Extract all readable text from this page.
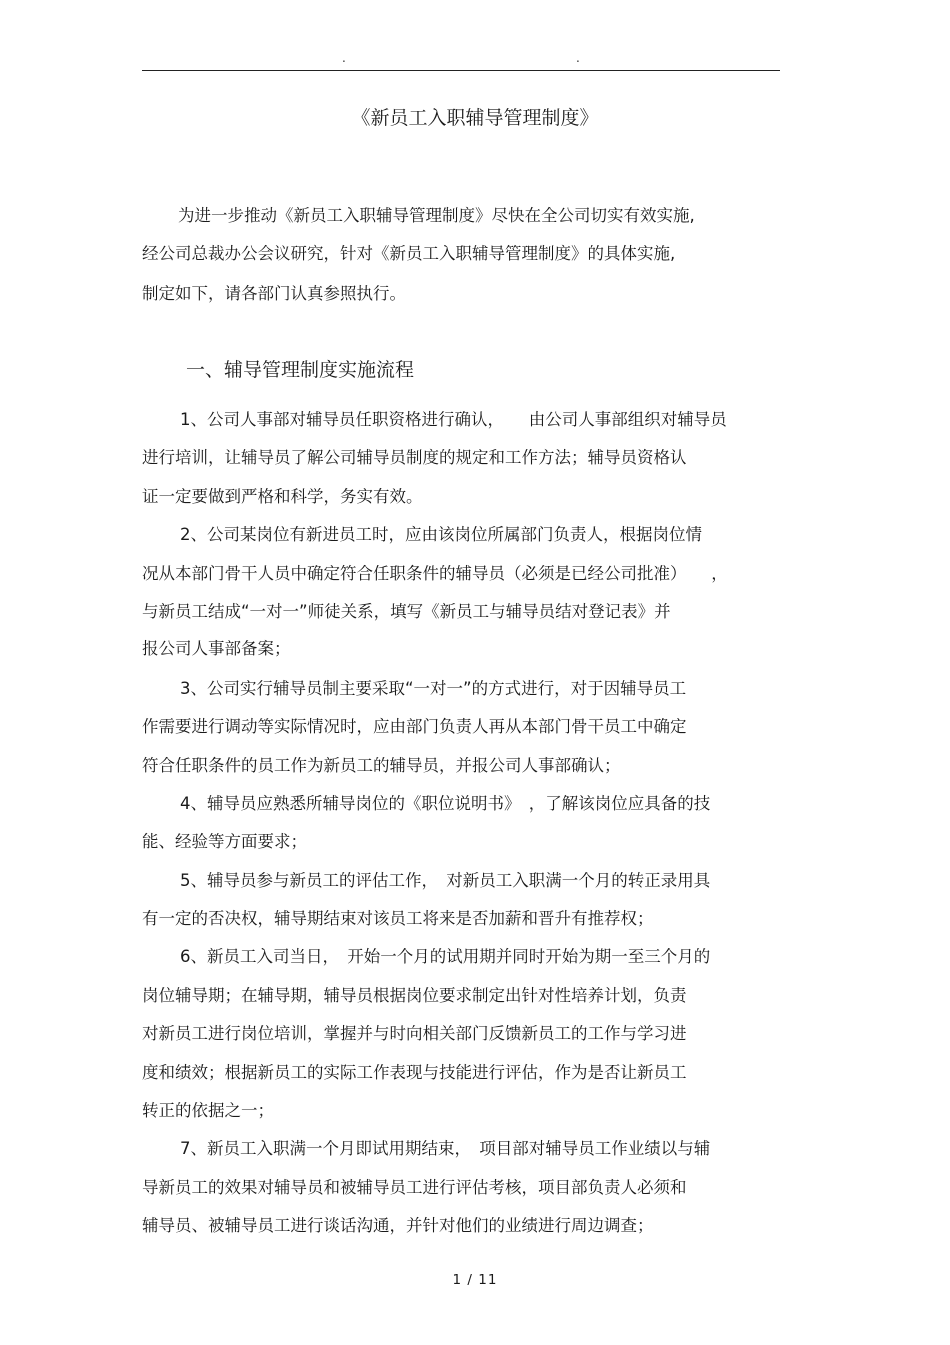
.	.
《新员工入职辅导管理制度》
为进一步推动《新员工入职辅导管理制度》尽快在全公司切实有效实施,
经公司总裁办公会议研究，针对《新员工入职辅导管理制度》的具体实施,
制定如下，请各部门认真参照执行。
一、辅导管理制度实施流程
1、公司人事部对辅导员任职资格进行确认，　　由公司人事部组织对辅导员
进行培训，让辅导员了解公司辅导员制度的规定和工作方法；辅导员资格认
证一定要做到严格和科学，务实有效。
2、公司某岗位有新进员工时，应由该岗位所属部门负责人，根据岗位情
况从本部门骨干人员中确定符合任职条件的辅导员（必须是已经公司批准）　　，
与新员工结成“一对一”师徒关系，填写《新员工与辅导员结对登记表》并
报公司人事部备案；
3、公司实行辅导员制主要采取“一对一”的方式进行，对于因辅导员工
作需要进行调动等实际情况时，应由部门负责人再从本部门骨干员工中确定
符合任职条件的员工作为新员工的辅导员，并报公司人事部确认；
4、辅导员应熟悉所辅导岗位的《职位说明书》　，了解该岗位应具备的技
能、经验等方面要求；
5、辅导员参与新员工的评估工作，　对新员工入职满一个月的转正录用具
有一定的否决权，辅导期结束对该员工将来是否加薪和晋升有推荐权；
6、新员工入司当日，　开始一个月的试用期并同时开始为期一至三个月的
岗位辅导期；在辅导期，辅导员根据岗位要求制定出针对性培养计划，负责
对新员工进行岗位培训，掌握并与时向相关部门反馈新员工的工作与学习进
度和绩效；根据新员工的实际工作表现与技能进行评估，作为是否让新员工
转正的依据之一；
7、新员工入职满一个月即试用期结束，　项目部对辅导员工作业绩以与辅
导新员工的效果对辅导员和被辅导员工进行评估考核，项目部负责人必须和
辅导员、被辅导员工进行谈话沟通，并针对他们的业绩进行周边调查；
1 / 11
